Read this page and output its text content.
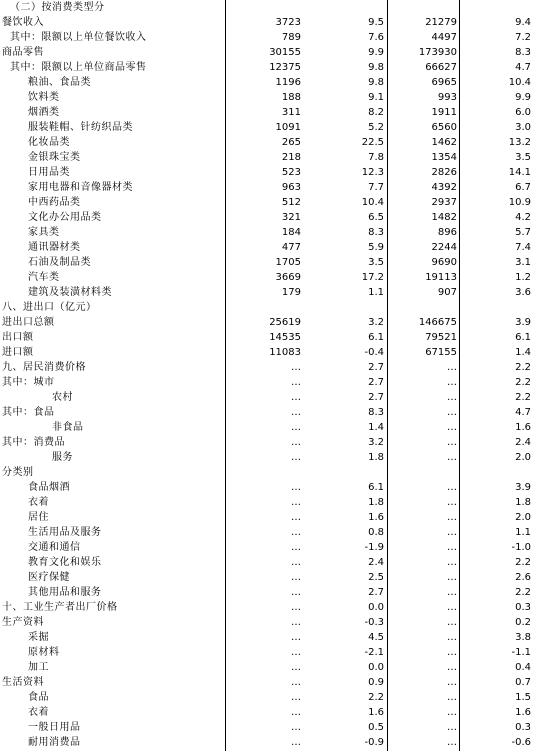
（二）按消费类型分
餐饮收入	3723	9.5	21279	9.4
其中：限额以上单位餐饮收入	789	7.6	4497	7.2
商品零售	30155	9.9	173930	8.3
其中：限额以上单位商品零售	12375	9.8	66627	4.7
粮油、食品类	1196	9.8	6965	10.4
饮料类	188	9.1	993	9.9
烟酒类	311	8.2	1911	6.0
服装鞋帽、针纺织品类	1091	5.2	6560	3.0
化妆品类	265	22.5	1462	13.2
金银珠宝类	218	7.8	1354	3.5
日用品类	523	12.3	2826	14.1
家用电器和音像器材类	963	7.7	4392	6.7
中西药品类	512	10.4	2937	10.9
文化办公用品类	321	6.5	1482	4.2
家具类	184	8.3	896	5.7
通讯器材类	477	5.9	2244	7.4
石油及制品类	1705	3.5	9690	3.1
汽车类	3669	17.2	19113	1.2
建筑及装潢材料类	179	1.1	907	3.6
八、进出口（亿元）
进出口总额	25619	3.2	146675	3.9
出口额	14535	6.1	79521	6.1
进口额	11083	-0.4	67155	1.4
九、居民消费价格	…	2.7	…	2.2
其中：城市	…	2.7	…	2.2
农村	…	2.7	…	2.2
其中：食品	…	8.3	…	4.7
非食品	…	1.4	…	1.6
其中：消费品	…	3.2	…	2.4
服务	…	1.8	…	2.0
分类别
食品烟酒	…	6.1	…	3.9
衣着	…	1.8	…	1.8
居住	…	1.6	…	2.0
生活用品及服务	…	0.8	…	1.1
交通和通信	…	-1.9	…	-1.0
教育文化和娱乐	…	2.4	…	2.2
医疗保健	…	2.5	…	2.6
其他用品和服务	…	2.7	…	2.2
十、工业生产者出厂价格	…	0.0	…	0.3
生产资料	…	-0.3	…	0.2
采掘	…	4.5	…	3.8
原材料	…	-2.1	…	-1.1
加工	…	0.0	…	0.4
生活资料	…	0.9	…	0.7
食品	…	2.2	…	1.5
衣着	…	1.6	…	1.6
一般日用品	…	0.5	…	0.3
耐用消费品	…	-0.9	…	-0.6
